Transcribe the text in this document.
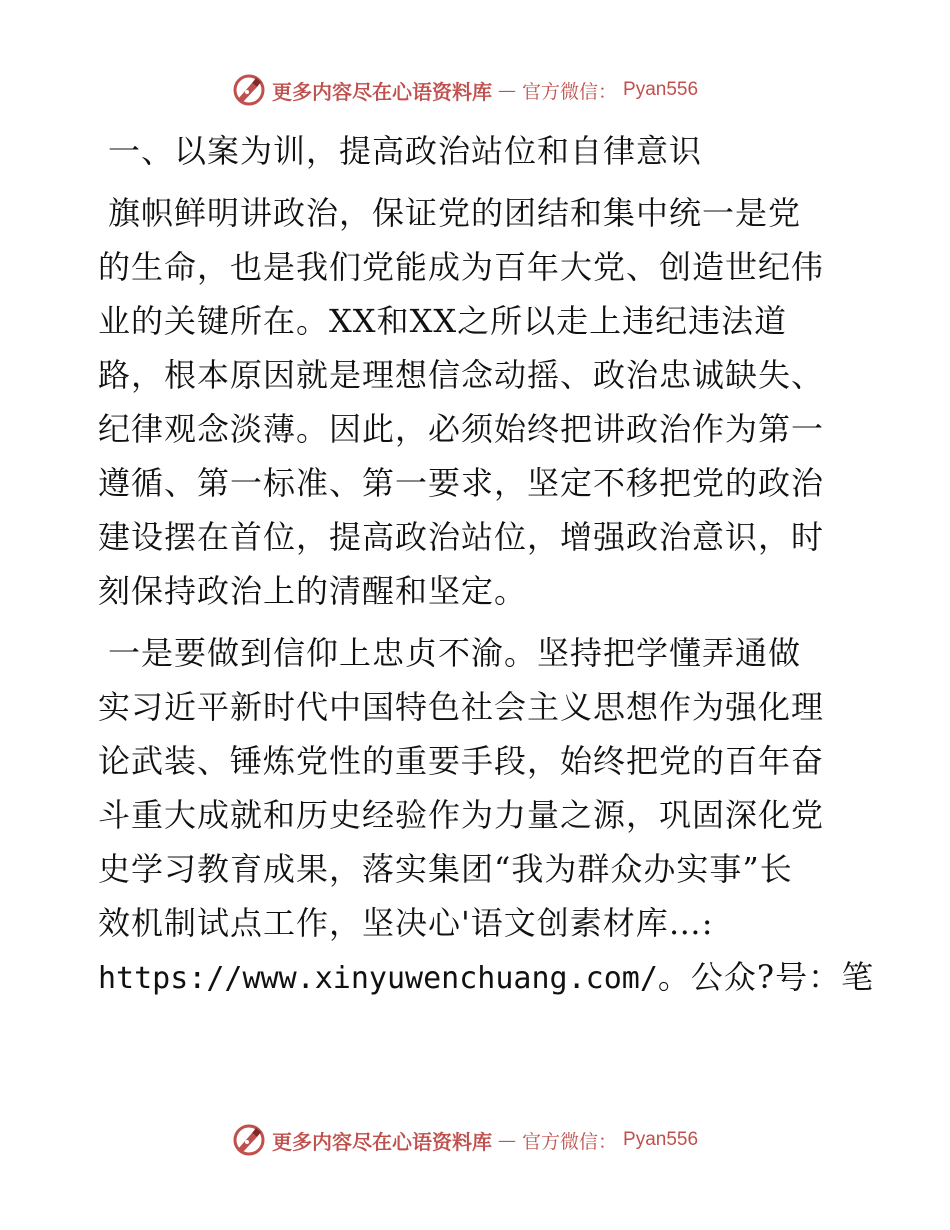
更多内容尽在心语资料库 — 官方微信： Pyan556
一、以案为训，提高政治站位和自律意识
旗帜鲜明讲政治，保证党的团结和集中统一是党
的生命，也是我们党能成为百年大党、创造世纪伟
业的关键所在。XX和XX之所以走上违纪违法道
路，根本原因就是理想信念动摇、政治忠诚缺失、
纪律观念淡薄。因此，必须始终把讲政治作为第一
遵循、第一标准、第一要求，坚定不移把党的政治
建设摆在首位，提高政治站位，增强政治意识，时
刻保持政治上的清醒和坚定。
一是要做到信仰上忠贞不渝。坚持把学懂弄通做
实习近平新时代中国特色社会主义思想作为强化理
论武装、锤炼党性的重要手段，始终把党的百年奋
斗重大成就和历史经验作为力量之源，巩固深化党
史学习教育成果，落实集团“我为群众办实事”长
效机制试点工作，坚决心'语文创素材库…:
https://www.xinyuwenchuang.com/。公众?号：笔
更多内容尽在心语资料库 — 官方微信： Pyan556
